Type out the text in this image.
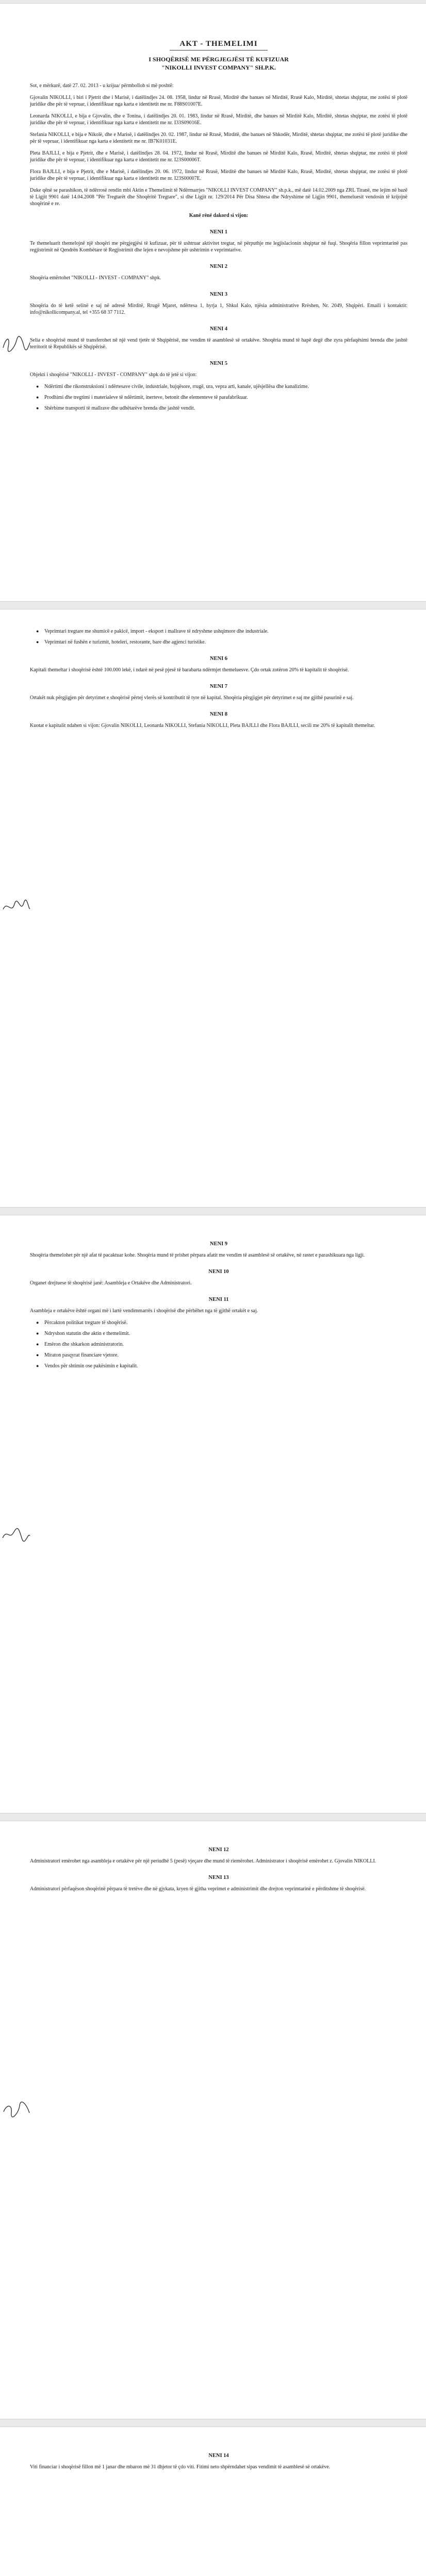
AKT - THEMELIMI
I SHOQËRISË ME PËRGJEGJËSI TË KUFIZUAR
"NIKOLLI INVEST COMPANY" SH.P.K.
Sot, e mërkurë, datë 27. 02. 2013 - u krijua/ përmbolloh si më poshtë:
Gjovalin NIKOLLI, i biri i Pjetrit dhe i Marisë, i datëlindjes 24. 08. 1958, lindur në Rrasë, Mirditë dhe banues në Mirditë, Rrasë Kalo, Mirditë, shtetas shqiptar, me zotësi të plotë juridike dhe për të vepruar, i identifikuar nga karta e identitetit me nr. F88S01007E.
Leonarda NIKOLLI, e bija e Gjovalin, dhe e Tonina, i datëlindjes 20. 01. 1983, lindur në Rrasë, Mirditë, dhe banues në Mirditë Kalo, Mirditë, shtetas shqiptar, me zotësi të plotë juridike dhe për të vepruar, i identifikuar nga karta e identitetit me nr. I33S09016E.
Stefania NIKOLLI, e bija e Nikolë, dhe e Marisë, i datëlindjes 20. 02. 1987, lindur në Rrasë, Mirditë, dhe banues në Shkodër, Mirditë, shtetas shqiptar, me zotësi të plotë juridike dhe për të vepruar, i identifikuar nga karta e identitetit me nr. IB7K01031E.
Pleta BAJLLI, e bija e Pjetrit, dhe e Marisë, i datëlindjes 28. 04. 1972, lindur në Rrasë, Mirditë dhe banues në Mirditë Kalo, Rrasë, Mirditë, shtetas shqiptar, me zotësi të plotë juridike dhe për të vepruar, i identifikuar nga karta e identitetit me nr. I23S00006T.
Flora BAJLLI, e bija e Pjetrit, dhe e Marisë, i datëlindjes 20. 06. 1972, lindur në Rrasë, Mirditë dhe banues në Mirditë Kalo, Rrasë, Mirditë, shtetas shqiptar, me zotësi të plotë juridike dhe për të vepruar, i identifikuar nga karta e identitetit me nr. I23S00007E.
Duke qënë se parashikon, të ndërrosë rendin mbi Aktin e Themelimit të Ndërmarrjes "NIKOLLI INVEST COMPANY" sh.p.k., më datë 14.02.2009 nga ZRL Tiranë, me lejim në bazë të Ligjit 9901 datë 14.04.2008 "Për Tregtarët dhe Shoqëritë Tregtare", si dhe Ligjit nr. 129/2014 Për Disa Shtesa dhe Ndryshime në Ligjin 9901, themeluesit vendosin të krijojnë shoqërinë e re.
Kanë rënë dakord si vijon:
NENI 1
Te themeluarit themelojnë një shoqëri me përgjegjësi të kufizuar, për të ushtruar aktivitet tregtar, në përputhje me legjislacionin shqiptar në fuqi. Shoqëria fillon veprimtarinë pas regjistrimit në Qendrën Kombëtare të Regjistrimit dhe lejen e nevojshme për ushtrimin e veprimtarive.
NENI 2
Shoqëria emërtohet "NIKOLLI - INVEST - COMPANY" shpk.
NENI 3
Shoqëria do të ketë selinë e saj në adresë Mirditë, Rrugë Mjaret, ndërtesa 1, hyrja 1, Shkul Kalo, njësia administrative Rrëshen, Nr. 2049, Shqipëri. Emaili i kontaktit: info@nikollicompany.al, tel +355 68 37 7112.
NENI 4
Selia e shoqërisë mund të transferohet në një vend tjetër të Shqipërisë, me vendim të asamblesë së ortakëve. Shoqëria mund të hapë degë dhe zyra përfaqësimi brenda dhe jashtë territorit të Republikës së Shqipërisë.
NENI 5
Objekti i shoqërisë "NIKOLLI - INVEST - COMPANY" shpk do të jetë si vijon:
● Ndërtimi dhe rikonstruksioni i ndërtesave civile, industriale, bujqësore, rrugë, ura, vepra arti, kanale, ujësjellësa dhe kanalizime.
● Prodhimi dhe tregtimi i materialeve të ndërtimit, inerteve, betonit dhe elementeve të parafabrikuar.
● Shërbime transporti të mallrave dhe udhëtarëve brenda dhe jashtë vendit.
● Veprimtari tregtare me shumicë e pakicë, import - eksport i mallrave të ndryshme ushqimore dhe industriale.
● Veprimtari në fushën e turizmit, hoteleri, restorante, bare dhe agjenci turistike.
NENI 6
Kapitali themeltar i shoqërisë është 100.000 lekë, i ndarë në pesë pjesë të barabarta ndërmjet themeluesve. Çdo ortak zotëron 20% të kapitalit të shoqërisë.
NENI 7
Ortakët nuk përgjigjen për detyrimet e shoqërisë përtej vlerës së kontributit të tyre në kapital. Shoqëria përgjigjet për detyrimet e saj me gjithë pasurinë e saj.
NENI 8
Kuotat e kapitalit ndahen si vijon: Gjovalin NIKOLLI, Leonarda NIKOLLI, Stefania NIKOLLI, Pleta BAJLLI dhe Flora BAJLLI, secili me 20% të kapitalit themeltar.
NENI 9
Shoqëria themelohet për një afat të pacaktuar kohe. Shoqëria mund të prishet përpara afatit me vendim të asamblesë së ortakëve, në rastet e parashikuara nga ligji.
NENI 10
Organet drejtuese të shoqërisë janë: Asambleja e Ortakëve dhe Administratori.
NENI 11
Asambleja e ortakëve është organi më i lartë vendimmarrës i shoqërisë dhe përbëhet nga të gjithë ortakët e saj.
● Përcakton politikat tregtare të shoqërisë.
● Ndryshon statutin dhe aktin e themelimit.
● Emëron dhe shkarkon administratorin.
● Miraton pasqyrat financiare vjetore.
● Vendos për shtimin ose pakësimin e kapitalit.
NENI 12
Administratori emërohet nga asambleja e ortakëve për një periudhë 5 (pesë) vjeçare dhe mund të riemërohet. Administrator i shoqërisë emërohet z. Gjovalin NIKOLLI.
NENI 13
Administratori përfaqëson shoqërinë përpara të tretëve dhe në gjykata, kryen të gjitha veprimet e administrimit dhe drejton veprimtarinë e përditshme të shoqërisë.
NENI 14
Viti financiar i shoqërisë fillon më 1 janar dhe mbaron më 31 dhjetor të çdo viti. Fitimi neto shpërndahet sipas vendimit të asamblesë së ortakëve.
